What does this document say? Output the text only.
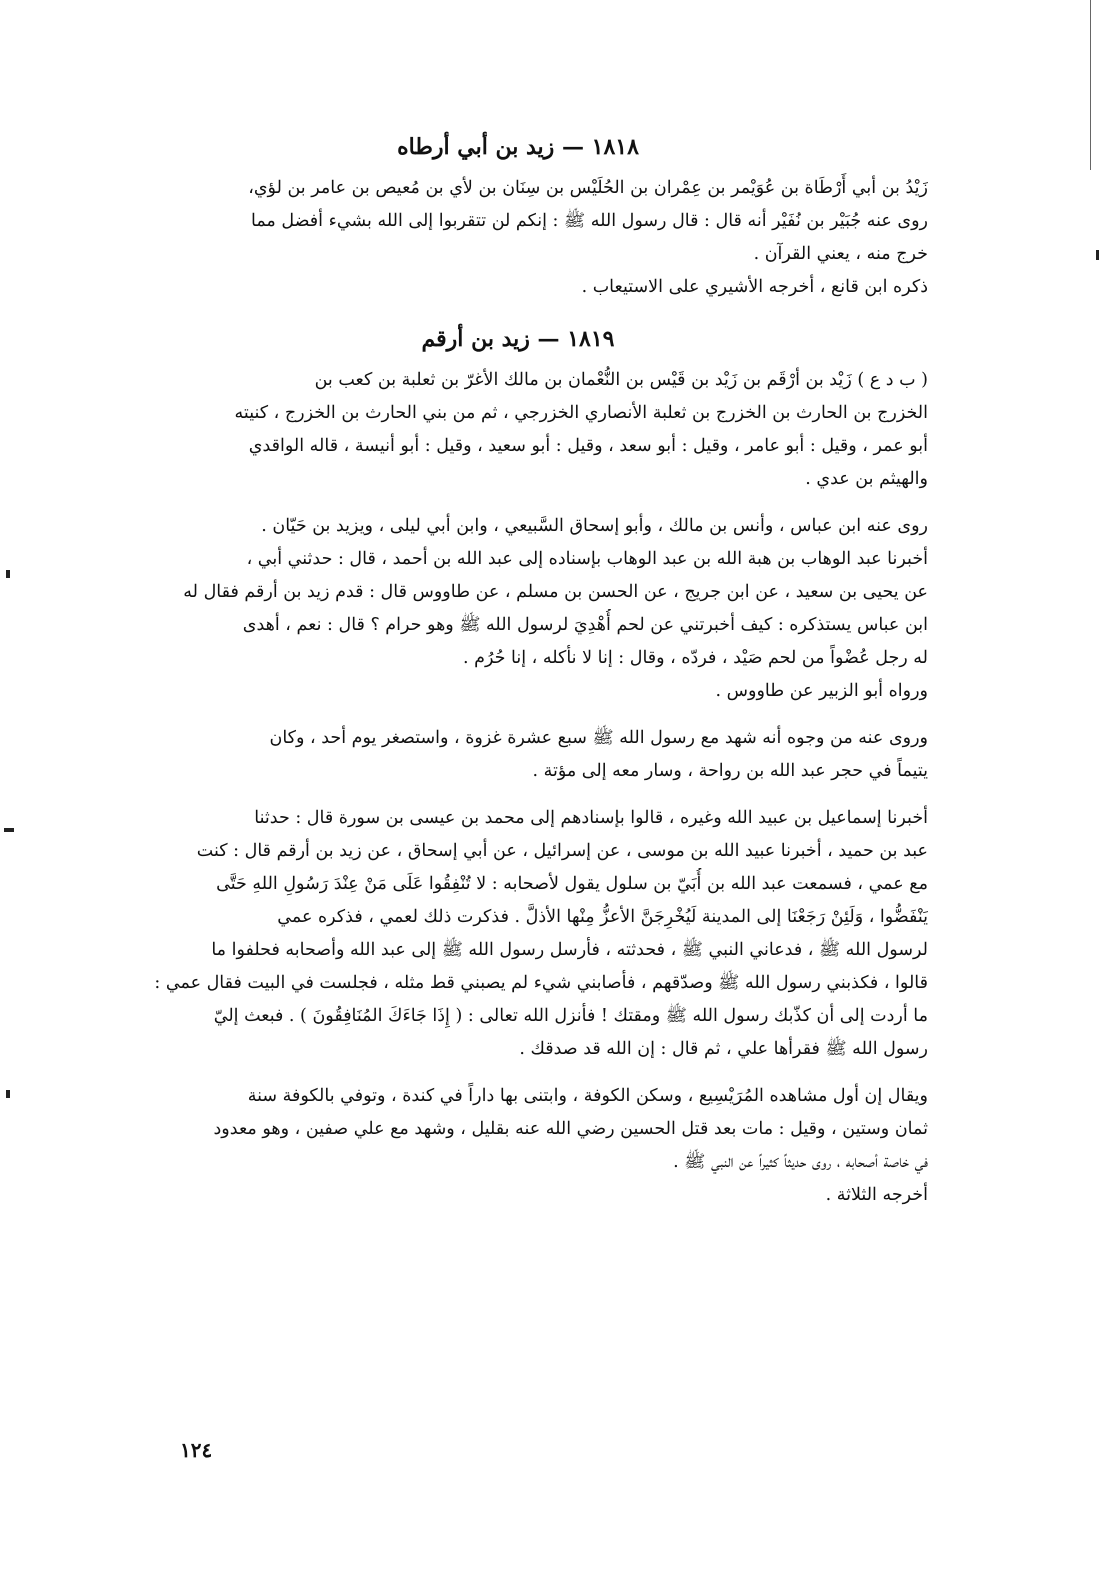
١٨١٨ — زيد بن أبي أرطاه
زَيْدُ بن أبي أَرْطَاة بن عُوَيْمر بن عِمْران بن الحُلَيْس بن سِنَان بن لأي بن مُعيص بن عامر بن لؤي،
روى عنه جُبَيْر بن نُفَيْر أنه قال : قال رسول الله ﷺ : إنكم لن تتقربوا إلى الله بشيء أفضل مما
خرج منه ، يعني القرآن .
ذكره ابن قانع ، أخرجه الأشيري على الاستيعاب .
١٨١٩ — زيد بن أرقم
( ب د ع ) زَيْد بن أرْقَم بن زَيْد بن قَيْس بن النُّعْمان بن مالك الأغرّ بن ثعلبة بن كعب بن
الخزرج بن الحارث بن الخزرج بن ثعلبة الأنصاري الخزرجي ، ثم من بني الحارث بن الخزرج ، كنيته
أبو عمر ، وقيل : أبو عامر ، وقيل : أبو سعد ، وقيل : أبو سعيد ، وقيل : أبو أنيسة ، قاله الواقدي
والهيثم بن عدي .
روى عنه ابن عباس ، وأنس بن مالك ، وأبو إسحاق السَّبيعي ، وابن أبي ليلى ، ويزيد بن حَيّان .
أخبرنا عبد الوهاب بن هبة الله بن عبد الوهاب بإسناده إلى عبد الله بن أحمد ، قال : حدثني أبي ،
عن يحيى بن سعيد ، عن ابن جريج ، عن الحسن بن مسلم ، عن طاووس قال : قدم زيد بن أرقم فقال له
ابن عباس يستذكره : كيف أخبرتني عن لحم أُهْدِيَ لرسول الله ﷺ وهو حرام ؟ قال : نعم ، أهدى
له رجل عُضْواً من لحم صَيْد ، فردّه ، وقال : إنا لا نأكله ، إنا حُرُم .
ورواه أبو الزبير عن طاووس .
وروى عنه من وجوه أنه شهد مع رسول الله ﷺ سبع عشرة غزوة ، واستصغر يوم أحد ، وكان
يتيماً في حجر عبد الله بن رواحة ، وسار معه إلى مؤتة .
أخبرنا إسماعيل بن عبيد الله وغيره ، قالوا بإسنادهم إلى محمد بن عيسى بن سورة قال : حدثنا
عبد بن حميد ، أخبرنا عبيد الله بن موسى ، عن إسرائيل ، عن أبي إسحاق ، عن زيد بن أرقم قال : كنت
مع عمي ، فسمعت عبد الله بن أُبَيّ بن سلول يقول لأصحابه : لا تُنْفِقُوا عَلَى مَنْ عِنْدَ رَسُولِ اللهِ حَتَّى
يَنْفَضُّوا ، وَلَئِنْ رَجَعْنَا إلى المدينة لَيُخْرِجَنَّ الأعزُّ مِنْها الأذلَّ . فذكرت ذلك لعمي ، فذكره عمي
لرسول الله ﷺ ، فدعاني النبي ﷺ ، فحدثته ، فأرسل رسول الله ﷺ إلى عبد الله وأصحابه فحلفوا ما
قالوا ، فكذبني رسول الله ﷺ وصدّقهم ، فأصابني شيء لم يصبني قط مثله ، فجلست في البيت فقال عمي :
ما أردت إلى أن كذّبك رسول الله ﷺ ومقتك ! فأنزل الله تعالى : ( إِذَا جَاءَكَ المُنَافِقُونَ ) . فبعث إليّ
رسول الله ﷺ فقرأها علي ، ثم قال : إن الله قد صدقك .
ويقال إن أول مشاهده المُرَيْسِيع ، وسكن الكوفة ، وابتنى بها داراً في كندة ، وتوفي بالكوفة سنة
ثمان وستين ، وقيل : مات بعد قتل الحسين رضي الله عنه بقليل ، وشهد مع علي صفين ، وهو معدود
في خاصة أصحابه ، روى حديثاً كثيراً عن النبي ﷺ .
أخرجه الثلاثة .
١٢٤
